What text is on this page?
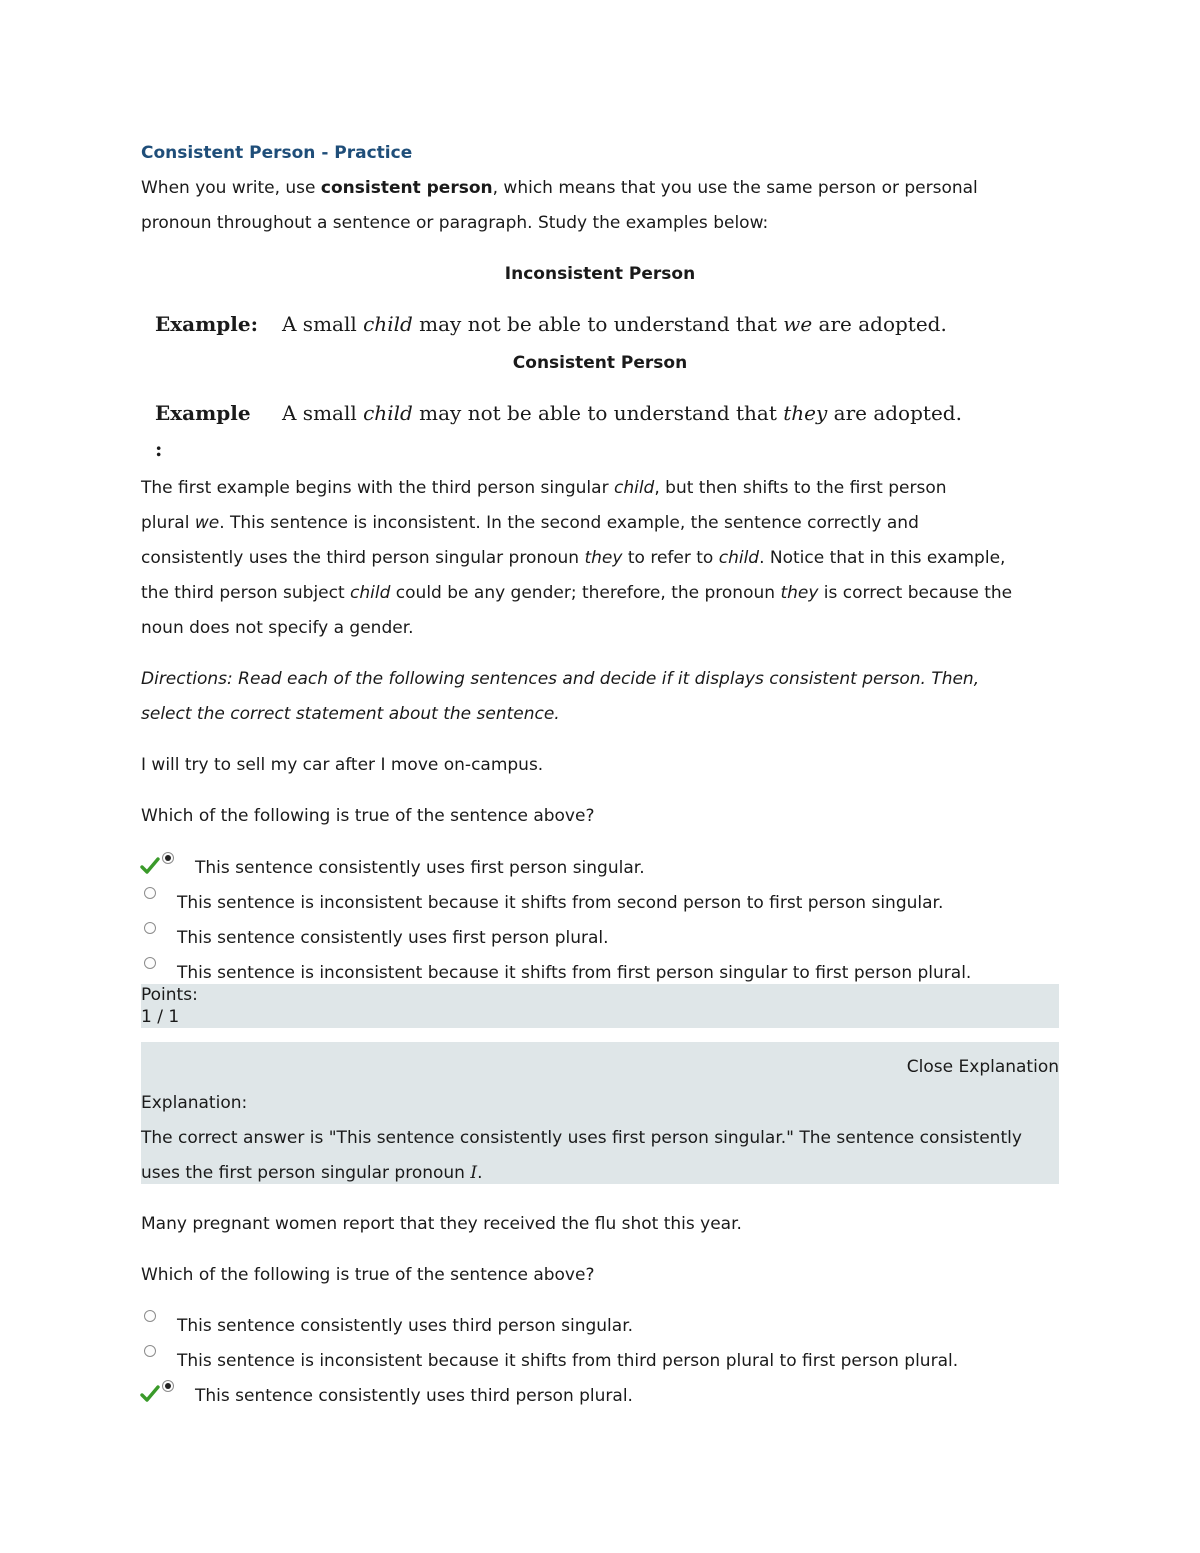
Consistent Person - Practice
When you write, use consistent person, which means that you use the same person or personal
pronoun throughout a sentence or paragraph. Study the examples below:
Inconsistent Person
Example: A small child may not be able to understand that we are adopted.
Consistent Person
Example
:
A small child may not be able to understand that they are adopted.
The first example begins with the third person singular child, but then shifts to the first person
plural we. This sentence is inconsistent. In the second example, the sentence correctly and
consistently uses the third person singular pronoun they to refer to child. Notice that in this example,
the third person subject child could be any gender; therefore, the pronoun they is correct because the
noun does not specify a gender.
Directions: Read each of the following sentences and decide if it displays consistent person. Then,
select the correct statement about the sentence.
I will try to sell my car after I move on-campus.
Which of the following is true of the sentence above?
This sentence consistently uses first person singular.
This sentence is inconsistent because it shifts from second person to first person singular.
This sentence consistently uses first person plural.
This sentence is inconsistent because it shifts from first person singular to first person plural.
Points:
1 / 1
Close Explanation
Explanation:
The correct answer is "This sentence consistently uses first person singular." The sentence consistently
uses the first person singular pronoun I.
Many pregnant women report that they received the flu shot this year.
Which of the following is true of the sentence above?
This sentence consistently uses third person singular.
This sentence is inconsistent because it shifts from third person plural to first person plural.
This sentence consistently uses third person plural.
